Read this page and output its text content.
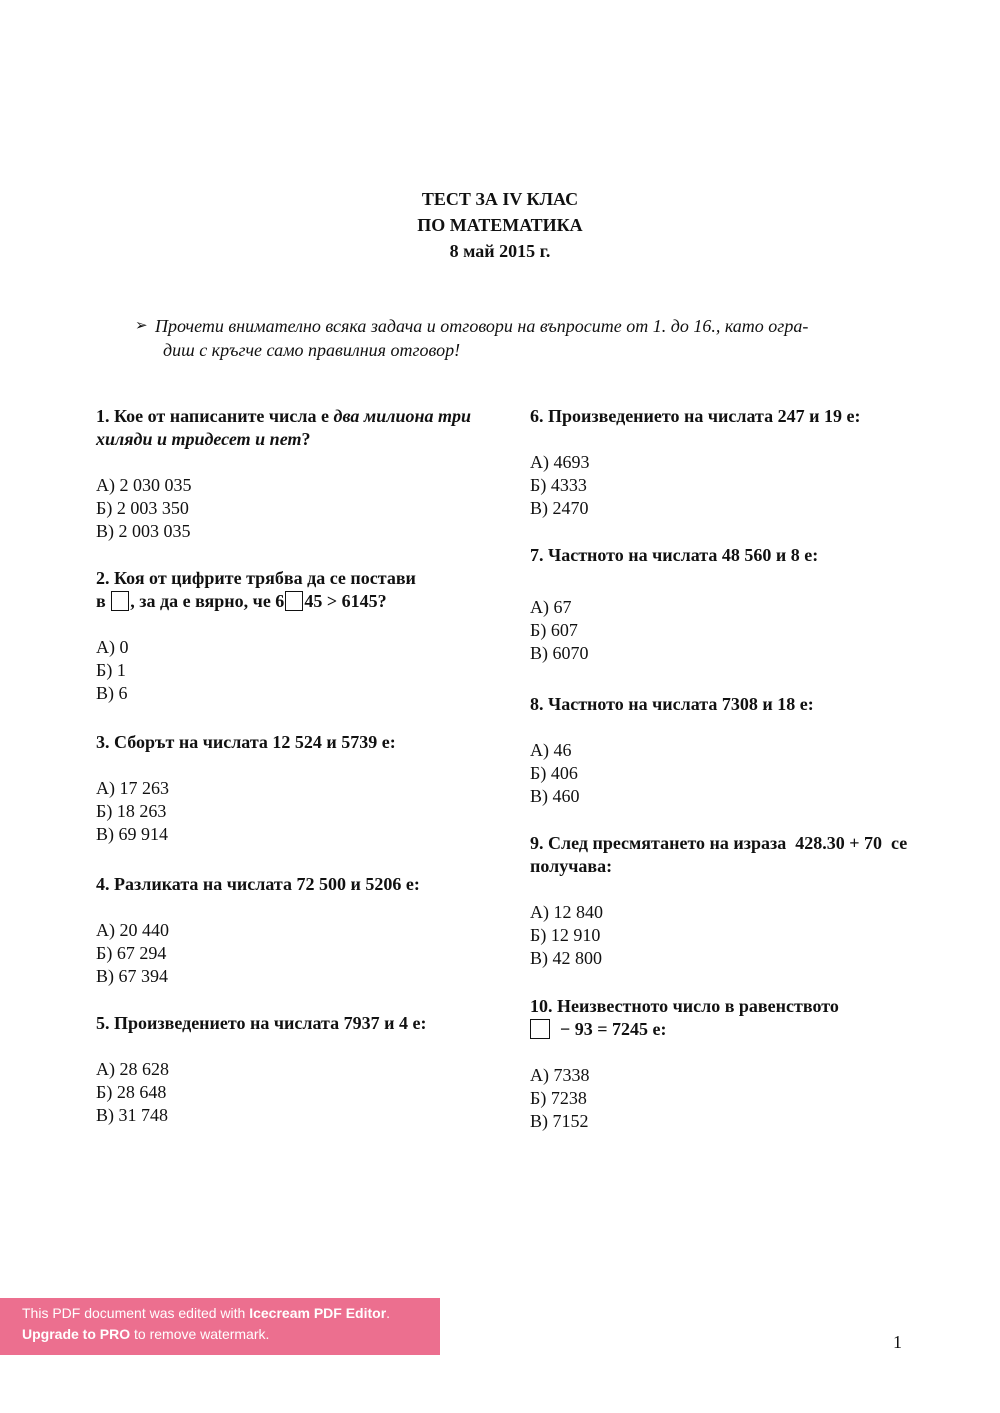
ТЕСТ ЗА IV КЛАС
ПО МАТЕМАТИКА
8 май 2015 г.
➢ Прочети внимателно всяка задача и отговори на въпросите от 1. до 16., като огра-
диш с кръгче само правилния отговор!
1. Кое от написаните числа е два милиона три хиляди и тридесет и пет?
А) 2 030 035
Б) 2 003 350
В) 2 003 035
2. Коя от цифрите трябва да се постави
в , за да е вярно, че 6 45 > 6145?
А) 0
Б) 1
В) 6
3. Сборът на числата 12 524 и 5739 е:
А) 17 263
Б) 18 263
В) 69 914
4. Разликата на числата 72 500 и 5206 е:
А) 20 440
Б) 67 294
В) 67 394
5. Произведението на числата 7937 и 4 е:
А) 28 628
Б) 28 648
В) 31 748
6. Произведението на числата 247 и 19 е:
А) 4693
Б) 4333
В) 2470
7. Частното на числата 48 560 и 8 е:
А) 67
Б) 607
В) 6070
8. Частното на числата 7308 и 18 е:
А) 46
Б) 406
В) 460
9. След пресмятането на израза  428.30 + 70  се
получава:
А) 12 840
Б) 12 910
В) 42 800
10. Неизвестното число в равенството
− 93 = 7245 е:
А) 7338
Б) 7238
В) 7152
This PDF document was edited with Icecream PDF Editor.
Upgrade to PRO to remove watermark.	1
